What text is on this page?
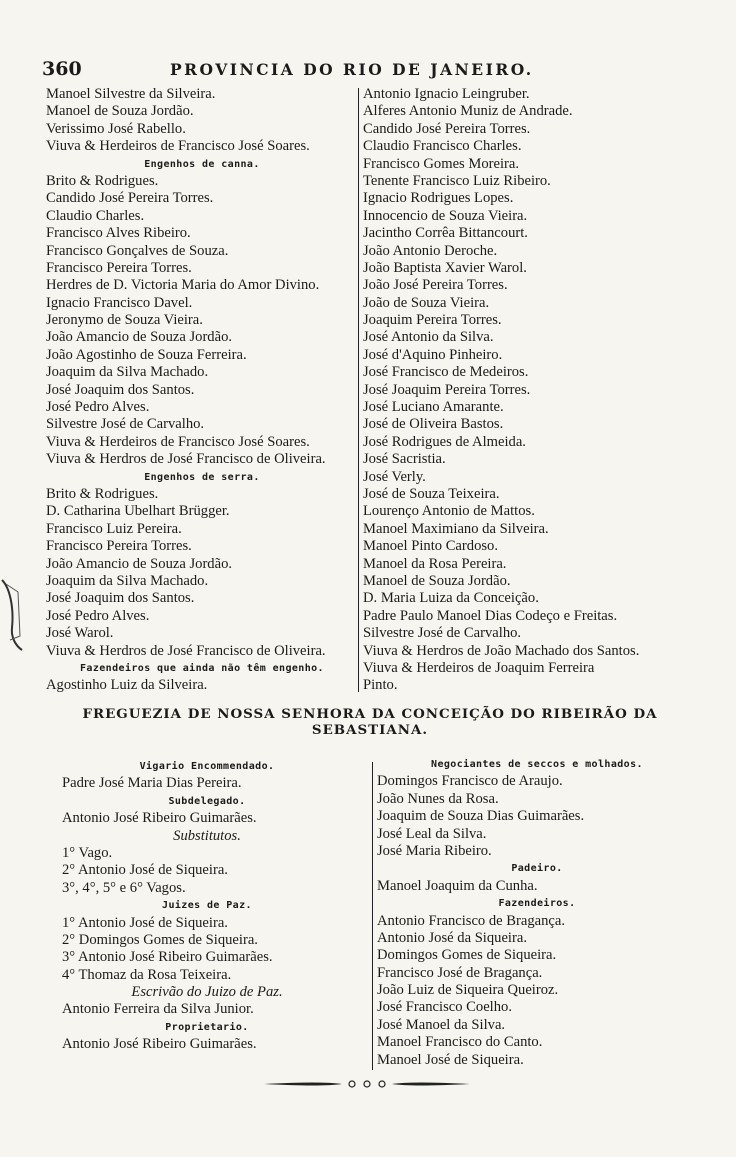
360	PROVINCIA DO RIO DE JANEIRO.
Manoel Silvestre da Silveira.
Manoel de Souza Jordão.
Verissimo José Rabello.
Viuva & Herdeiros de Francisco José Soares.
Engenhos de canna.
Brito & Rodrigues.
Candido José Pereira Torres.
Claudio Charles.
Francisco Alves Ribeiro.
Francisco Gonçalves de Souza.
Francisco Pereira Torres.
Herdres de D. Victoria Maria do Amor Divino.
Ignacio Francisco Davel.
Jeronymo de Souza Vieira.
João Amancio de Souza Jordão.
João Agostinho de Souza Ferreira.
Joaquim da Silva Machado.
José Joaquim dos Santos.
José Pedro Alves.
Silvestre José de Carvalho.
Viuva & Herdeiros de Francisco José Soares.
Viuva & Herdros de José Francisco de Oliveira.
Engenhos de serra.
Brito & Rodrigues.
D. Catharina Ubelhart Brügger.
Francisco Luiz Pereira.
Francisco Pereira Torres.
João Amancio de Souza Jordão.
Joaquim da Silva Machado.
José Joaquim dos Santos.
José Pedro Alves.
José Warol.
Viuva & Herdros de José Francisco de Oliveira.
Fazendeiros que ainda não têm engenho.
Agostinho Luiz da Silveira.
Antonio Ignacio Leingruber.
Alferes Antonio Muniz de Andrade.
Candido José Pereira Torres.
Claudio Francisco Charles.
Francisco Gomes Moreira.
Tenente Francisco Luiz Ribeiro.
Ignacio Rodrigues Lopes.
Innocencio de Souza Vieira.
Jacintho Corrêa Bittancourt.
João Antonio Deroche.
João Baptista Xavier Warol.
João José Pereira Torres.
João de Souza Vieira.
Joaquim Pereira Torres.
José Antonio da Silva.
José d'Aquino Pinheiro.
José Francisco de Medeiros.
José Joaquim Pereira Torres.
José Luciano Amarante.
José de Oliveira Bastos.
José Rodrigues de Almeida.
José Sacristia.
José Verly.
José de Souza Teixeira.
Lourenço Antonio de Mattos.
Manoel Maximiano da Silveira.
Manoel Pinto Cardoso.
Manoel da Rosa Pereira.
Manoel de Souza Jordão.
D. Maria Luiza da Conceição.
Padre Paulo Manoel Dias Codeço e Freitas.
Silvestre José de Carvalho.
Viuva & Herdros de João Machado dos Santos.
Viuva & Herdeiros de Joaquim Ferreira
Pinto.
FREGUEZIA DE NOSSA SENHORA DA CONCEIÇÃO DO RIBEIRÃO DA SEBASTIANA.
Vigario Encommendado.
Padre José Maria Dias Pereira.
Subdelegado.
Antonio José Ribeiro Guimarães.
Substitutos.
1° Vago.
2° Antonio José de Siqueira.
3°, 4°, 5° e 6° Vagos.
Juizes de Paz.
1° Antonio José de Siqueira.
2° Domingos Gomes de Siqueira.
3° Antonio José Ribeiro Guimarães.
4° Thomaz da Rosa Teixeira.
Escrivão do Juizo de Paz.
Antonio Ferreira da Silva Junior.
Proprietario.
Antonio José Ribeiro Guimarães.
Negociantes de seccos e molhados.
Domingos Francisco de Araujo.
João Nunes da Rosa.
Joaquim de Souza Dias Guimarães.
José Leal da Silva.
José Maria Ribeiro.
Padeiro.
Manoel Joaquim da Cunha.
Fazendeiros.
Antonio Francisco de Bragança.
Antonio José da Siqueira.
Domingos Gomes de Siqueira.
Francisco José de Bragança.
João Luiz de Siqueira Queiroz.
José Francisco Coelho.
José Manoel da Silva.
Manoel Francisco do Canto.
Manoel José de Siqueira.
